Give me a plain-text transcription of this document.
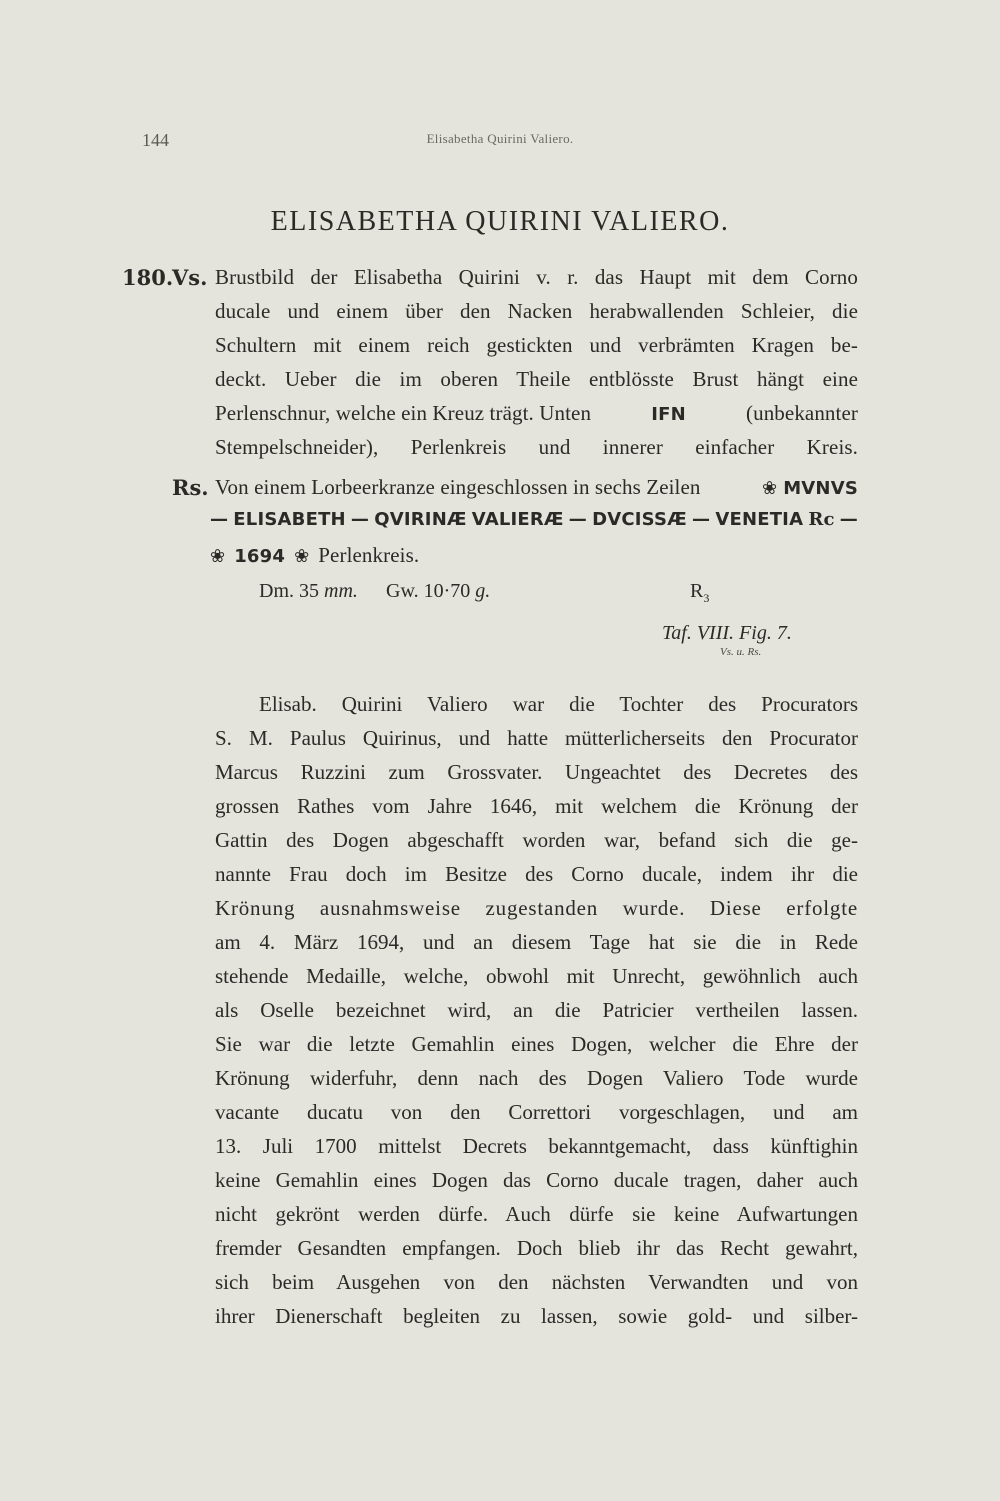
144	Elisabetha Quirini Valiero.
ELISABETHA QUIRINI VALIERO.
180.
Vs. Brustbild der Elisabetha Quirini v. r. das Haupt mit dem Corno
ducale und einem über den Nacken herabwallenden Schleier, die
Schultern mit einem reich gestickten und verbrämten Kragen be-
deckt. Ueber die im oberen Theile entblösste Brust hängt eine
Perlenschnur, welche ein Kreuz trägt. Unten	IFN	(unbekannter
Stempelschneider), Perlenkreis und innerer einfacher Kreis.
Rs. Von einem Lorbeerkranze eingeschlossen in sechs Zeilen	❀ MVNVS
— ELISABETH — QVIRINÆ VALIERÆ — DVCISSÆ — VENETIA Rc —
❀ 1694 ❀ Perlenkreis.
Dm. 35 mm. Gw. 10·70 g.	$R_3$
Taf. VIII. Fig. 7.
Vs. u. Rs.
Elisab. Quirini Valiero war die Tochter des Procurators
S. M. Paulus Quirinus, und hatte mütterlicherseits den Procurator
Marcus Ruzzini zum Grossvater. Ungeachtet des Decretes des
grossen Rathes vom Jahre 1646, mit welchem die Krönung der
Gattin des Dogen abgeschafft worden war, befand sich die ge-
nannte Frau doch im Besitze des Corno ducale, indem ihr die
Krönung ausnahmsweise zugestanden wurde. Diese erfolgte
am 4. März 1694, und an diesem Tage hat sie die in Rede
stehende Medaille, welche, obwohl mit Unrecht, gewöhnlich auch
als Oselle bezeichnet wird, an die Patricier vertheilen lassen.
Sie war die letzte Gemahlin eines Dogen, welcher die Ehre der
Krönung widerfuhr, denn nach des Dogen Valiero Tode wurde
vacante ducatu von den Correttori vorgeschlagen, und am
13. Juli 1700 mittelst Decrets bekanntgemacht, dass künftighin
keine Gemahlin eines Dogen das Corno ducale tragen, daher auch
nicht gekrönt werden dürfe. Auch dürfe sie keine Aufwartungen
fremder Gesandten empfangen. Doch blieb ihr das Recht gewahrt,
sich beim Ausgehen von den nächsten Verwandten und von
ihrer Dienerschaft begleiten zu lassen, sowie gold- und silber-
